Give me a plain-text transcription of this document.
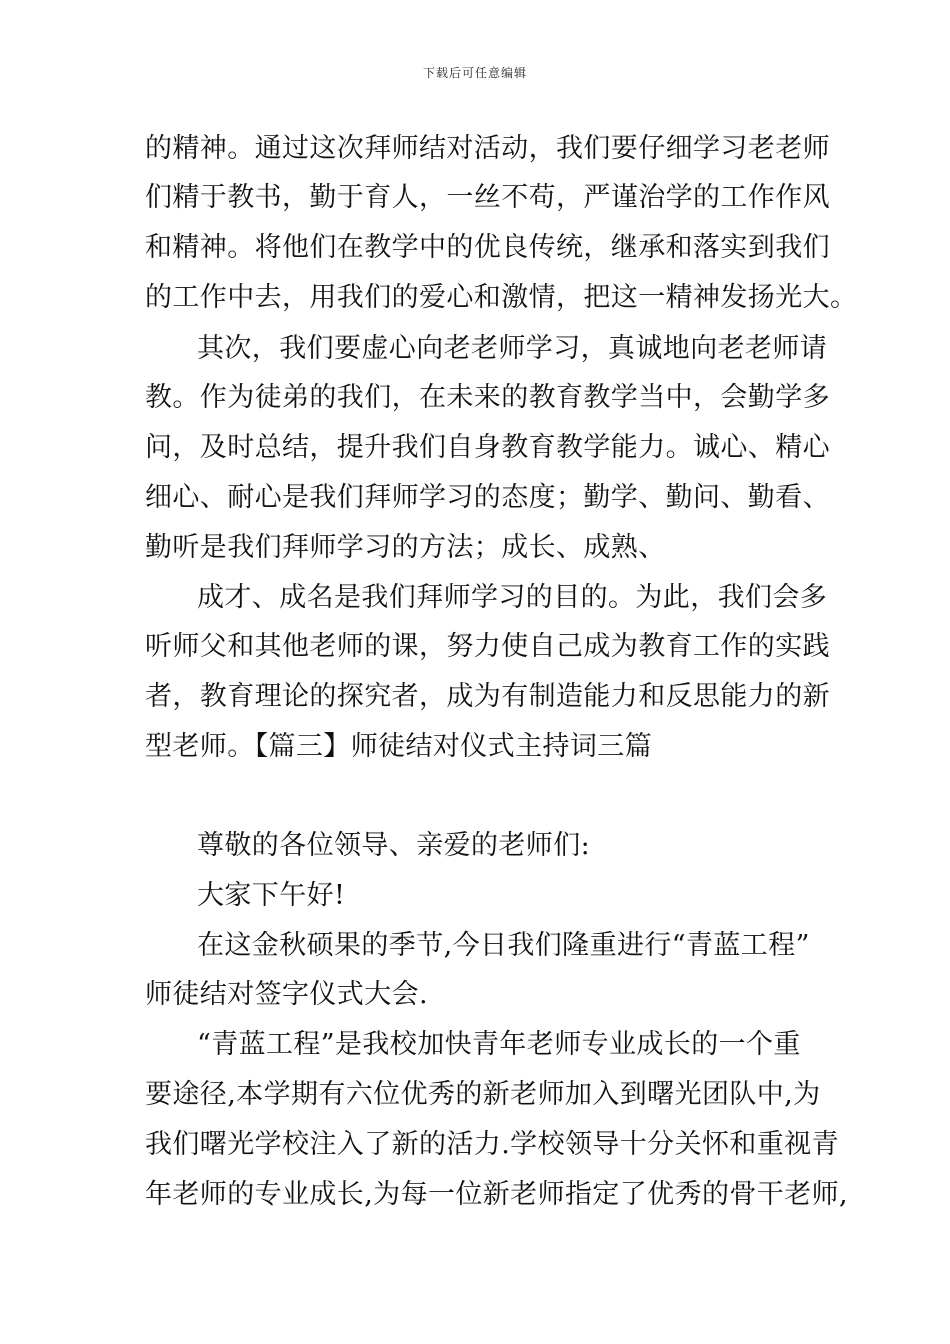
下载后可任意编辑
的精神。通过这次拜师结对活动，我们要仔细学习老老师
们精于教书，勤于育人，一丝不苟，严谨治学的工作作风
和精神。将他们在教学中的优良传统，继承和落实到我们
的工作中去，用我们的爱心和激情，把这一精神发扬光大。
其次，我们要虚心向老老师学习，真诚地向老老师请
教。作为徒弟的我们，在未来的教育教学当中，会勤学多
问，及时总结，提升我们自身教育教学能力。诚心、精心
细心、耐心是我们拜师学习的态度；勤学、勤问、勤看、
勤听是我们拜师学习的方法；成长、成熟、
成才、成名是我们拜师学习的目的。为此，我们会多
听师父和其他老师的课，努力使自己成为教育工作的实践
者，教育理论的探究者，成为有制造能力和反思能力的新
型老师。【篇三】师徒结对仪式主持词三篇
尊敬的各位领导、亲爱的老师们:
大家下午好!
在这金秋硕果的季节,今日我们隆重进行“青蓝工程”
师徒结对签字仪式大会.
“青蓝工程”是我校加快青年老师专业成长的一个重
要途径,本学期有六位优秀的新老师加入到曙光团队中,为
我们曙光学校注入了新的活力.学校领导十分关怀和重视青
年老师的专业成长,为每一位新老师指定了优秀的骨干老师,
